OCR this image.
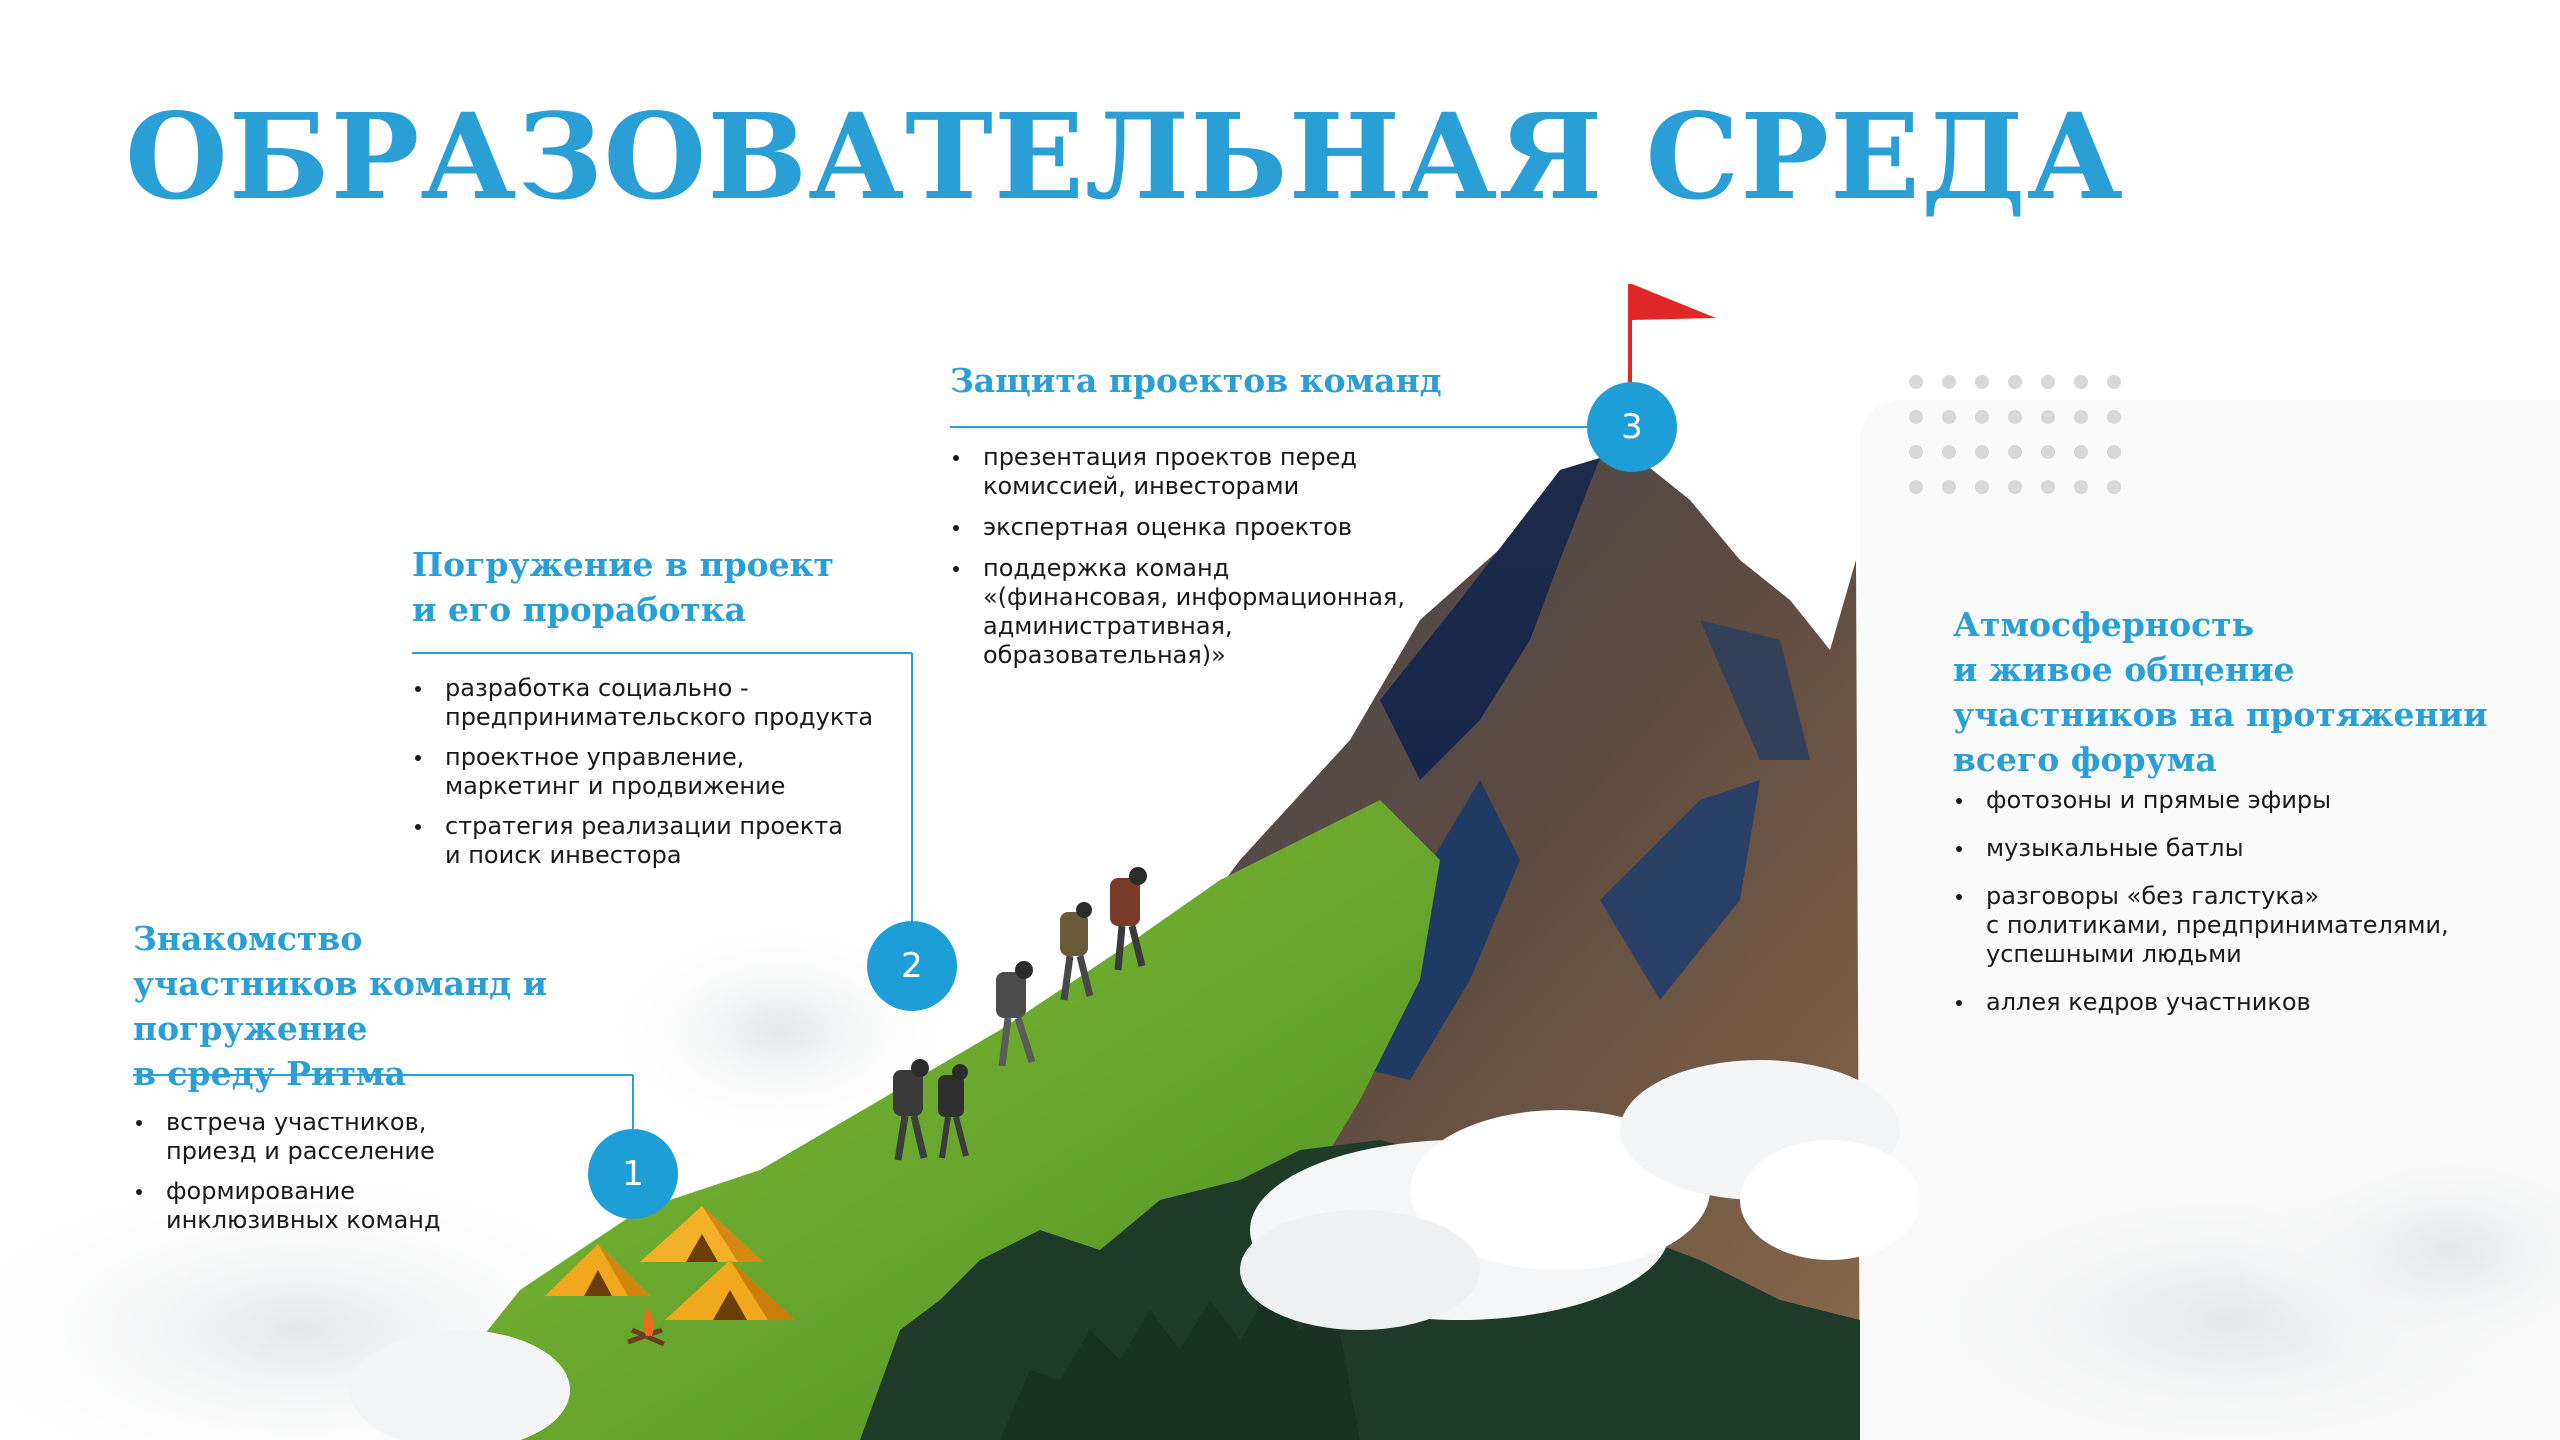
ОБРАЗОВАТЕЛЬНАЯ СРЕДА
Знакомство
участников команд и
погружение
в среду Ритма
встреча участников,
приезд и расселение
формирование
инклюзивных команд
Погружение в проект
и его проработка
разработка социально -
предпринимательского продукта
проектное управление,
маркетинг и продвижение
стратегия реализации проекта
и поиск инвестора
Защита проектов команд
презентация проектов перед
комиссией, инвесторами
экспертная оценка проектов
поддержка команд
«(финансовая, информационная,
административная,
образовательная)»
Атмосферность
и живое общение
участников на протяжении
всего форума
фотозоны и прямые эфиры
музыкальные батлы
разговоры «без галстука»
с политиками, предпринимателями,
успешными людьми
аллея кедров участников
1
2
3
